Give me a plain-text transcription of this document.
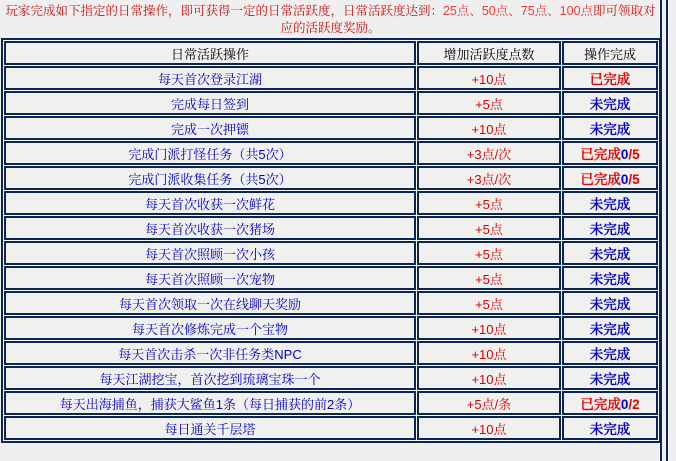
玩家完成如下指定的日常操作，即可获得一定的日常活跃度，日常活跃度达到：25点、50点、75点、100点即可领取对应的活跃度奖励。
日常活跃操作	增加活跃度点数	操作完成
每天首次登录江湖	+10点	已完成
完成每日签到	+5点	未完成
完成一次押镖	+10点	未完成
完成门派打怪任务（共5次）	+3点/次	已完成0/5
完成门派收集任务（共5次）	+3点/次	已完成0/5
每天首次收获一次鲜花	+5点	未完成
每天首次收获一次猪场	+5点	未完成
每天首次照顾一次小孩	+5点	未完成
每天首次照顾一次宠物	+5点	未完成
每天首次领取一次在线聊天奖励	+5点	未完成
每天首次修炼完成一个宝物	+10点	未完成
每天首次击杀一次非任务类NPC	+10点	未完成
每天江湖挖宝，首次挖到琉璃宝珠一个	+10点	未完成
每天出海捕鱼，捕获大鲨鱼1条（每日捕获的前2条）	+5点/条	已完成0/2
每日通关千层塔	+10点	未完成
